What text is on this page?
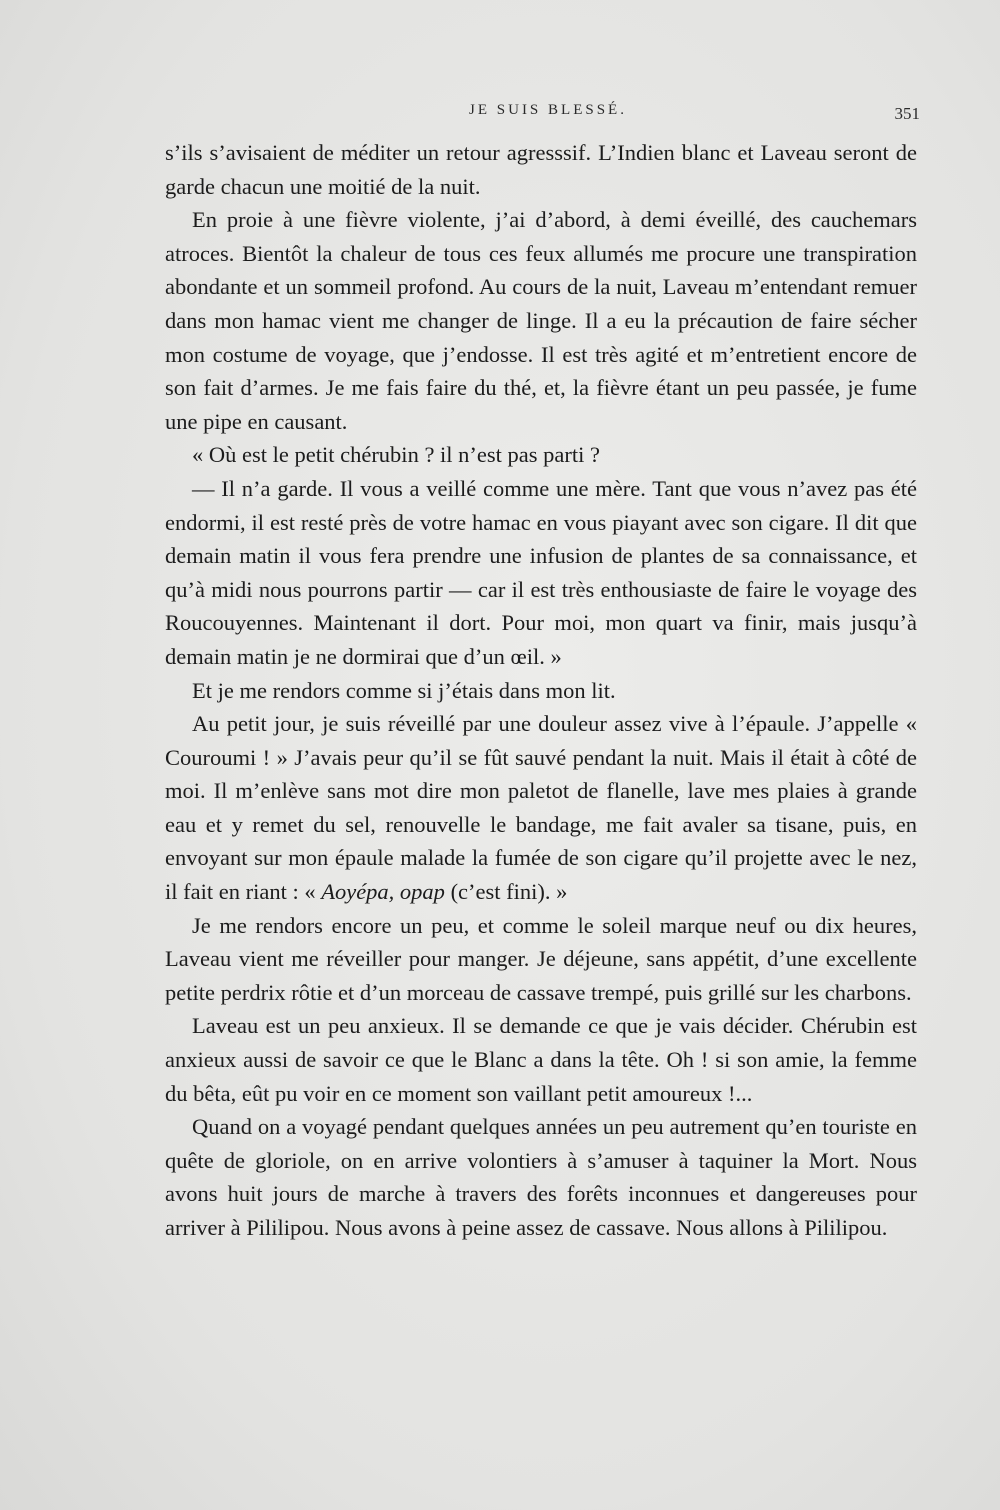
JE SUIS BLESSÉ.	351

s’ils s’avisaient de méditer un retour agresssif. L’Indien blanc et Laveau seront de garde chacun une moitié de la nuit.

En proie à une fièvre violente, j’ai d’abord, à demi éveillé, des cauchemars atroces. Bientôt la chaleur de tous ces feux allumés me procure une transpiration abondante et un sommeil profond. Au cours de la nuit, Laveau m’entendant remuer dans mon hamac vient me changer de linge. Il a eu la précaution de faire sécher mon costume de voyage, que j’endosse. Il est très agité et m’entretient encore de son fait d’armes. Je me fais faire du thé, et, la fièvre étant un peu passée, je fume une pipe en causant.

« Où est le petit chérubin ? il n’est pas parti ?

— Il n’a garde. Il vous a veillé comme une mère. Tant que vous n’avez pas été endormi, il est resté près de votre hamac en vous piayant avec son cigare. Il dit que demain matin il vous fera prendre une infusion de plantes de sa connaissance, et qu’à midi nous pourrons partir — car il est très enthousiaste de faire le voyage des Roucouyennes. Maintenant il dort. Pour moi, mon quart va finir, mais jusqu’à demain matin je ne dormirai que d’un œil. »

Et je me rendors comme si j’étais dans mon lit.

Au petit jour, je suis réveillé par une douleur assez vive à l’épaule. J’appelle « Couroumi ! » J’avais peur qu’il se fût sauvé pendant la nuit. Mais il était à côté de moi. Il m’enlève sans mot dire mon paletot de flanelle, lave mes plaies à grande eau et y remet du sel, renouvelle le bandage, me fait avaler sa tisane, puis, en envoyant sur mon épaule malade la fumée de son cigare qu’il projette avec le nez, il fait en riant : « Aoyépa, opap (c’est fini). »

Je me rendors encore un peu, et comme le soleil marque neuf ou dix heures, Laveau vient me réveiller pour manger. Je déjeune, sans appétit, d’une excellente petite perdrix rôtie et d’un morceau de cassave trempé, puis grillé sur les charbons.

Laveau est un peu anxieux. Il se demande ce que je vais décider. Chérubin est anxieux aussi de savoir ce que le Blanc a dans la tête. Oh ! si son amie, la femme du bêta, eût pu voir en ce moment son vaillant petit amoureux !...

Quand on a voyagé pendant quelques années un peu autrement qu’en touriste en quête de gloriole, on en arrive volontiers à s’amuser à taquiner la Mort. Nous avons huit jours de marche à travers des forêts inconnues et dangereuses pour arriver à Pililipou. Nous avons à peine assez de cassave. Nous allons à Pililipou.
